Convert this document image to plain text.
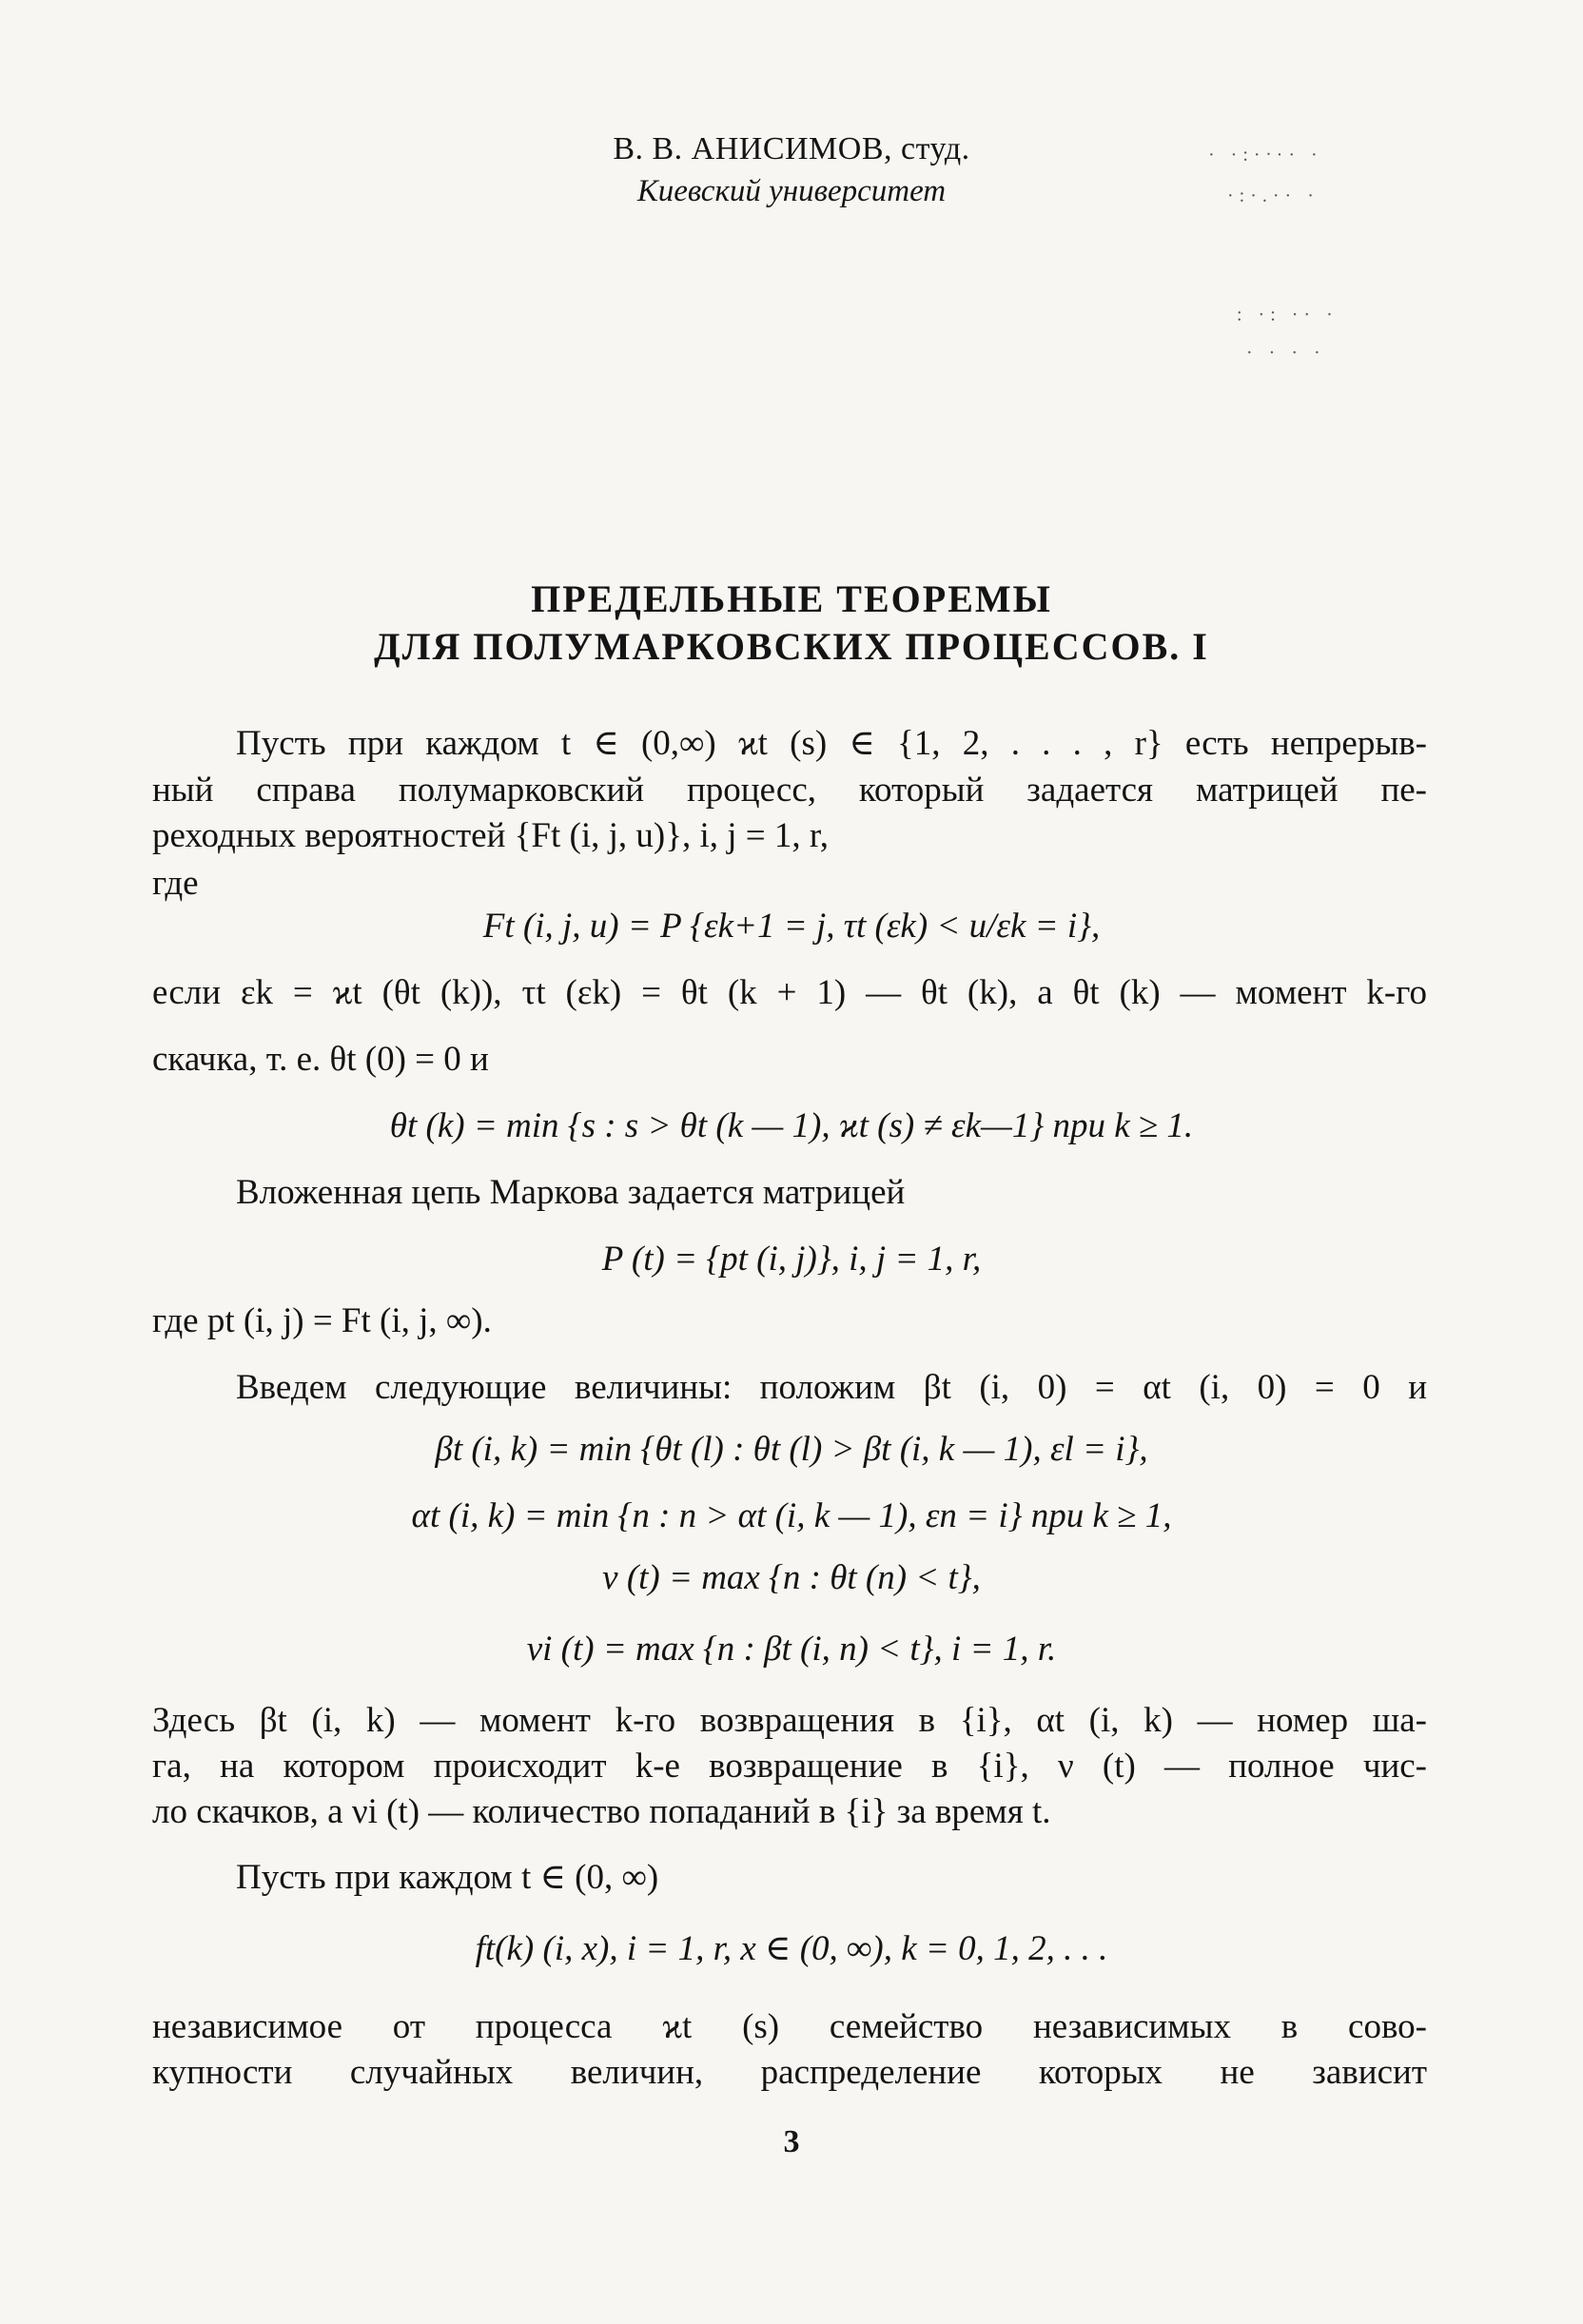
· ·:·ᐧ·· ·
·:·.·· ·
: ·: ·· ·
· · · ·
В. В. АНИСИМОВ, студ.
Киевский университет
ПРЕДЕЛЬНЫЕ ТЕОРЕМЫ
ДЛЯ ПОЛУМАРКОВСКИХ ПРОЦЕССОВ. I
Пусть при каждом t ∈ (0,∞) ϰt (s) ∈ {1, 2, . . . , r} есть непрерыв-
ный справа полумарковский процесс, который задается матрицей пе-
реходных вероятностей {Ft (i, j, u)}, i, j = 1, r,
где
Ft (i, j, u) = P {εk+1 = j, τt (εk) < u/εk = i},
если εk = ϰt (θt (k)), τt (εk) = θt (k + 1) — θt (k), а θt (k) — момент k-го
скачка, т. е. θt (0) = 0 и
θt (k) = min {s : s > θt (k — 1), ϰt (s) ≠ εk—1} при k ≥ 1.
Вложенная цепь Маркова задается матрицей
P (t) = {pt (i, j)}, i, j = 1, r,
где pt (i, j) = Ft (i, j, ∞).
Введем следующие величины: положим βt (i, 0) = αt (i, 0) = 0 и
βt (i, k) = min {θt (l) : θt (l) > βt (i, k — 1), εl = i},
αt (i, k) = min {n : n > αt (i, k — 1), εn = i} при k ≥ 1,
ν (t) = max {n : θt (n) < t},
νi (t) = max {n : βt (i, n) < t}, i = 1, r.
Здесь βt (i, k) — момент k-го возвращения в {i}, αt (i, k) — номер ша-
га, на котором происходит k-е возвращение в {i}, ν (t) — полное чис-
ло скачков, а νi (t) — количество попаданий в {i} за время t.
Пусть при каждом t ∈ (0, ∞)
ft(k) (i, x), i = 1, r, x ∈ (0, ∞), k = 0, 1, 2, . . .
независимое от процесса ϰt (s) семейство независимых в сово-
купности случайных величин, распределение которых не зависит
3
